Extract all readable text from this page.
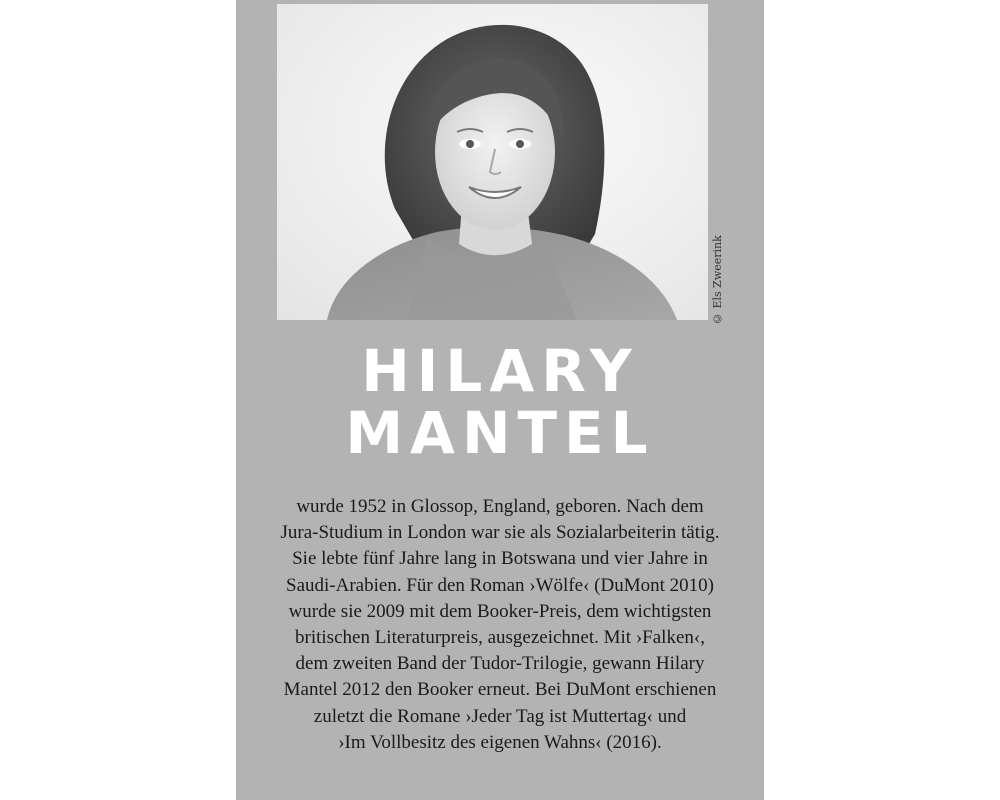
© Els Zweerink
HILARY
MANTEL
wurde 1952 in Glossop, England, geboren. Nach dem
Jura-Studium in London war sie als Sozialarbeiterin tätig.
Sie lebte fünf Jahre lang in Botswana und vier Jahre in
Saudi-Arabien. Für den Roman ›Wölfe‹ (DuMont 2010)
wurde sie 2009 mit dem Booker-Preis, dem wichtigsten
britischen Literaturpreis, ausgezeichnet. Mit ›Falken‹,
dem zweiten Band der Tudor-Trilogie, gewann Hilary
Mantel 2012 den Booker erneut. Bei DuMont erschienen
zuletzt die Romane ›Jeder Tag ist Muttertag‹ und
›Im Vollbesitz des eigenen Wahns‹ (2016).
